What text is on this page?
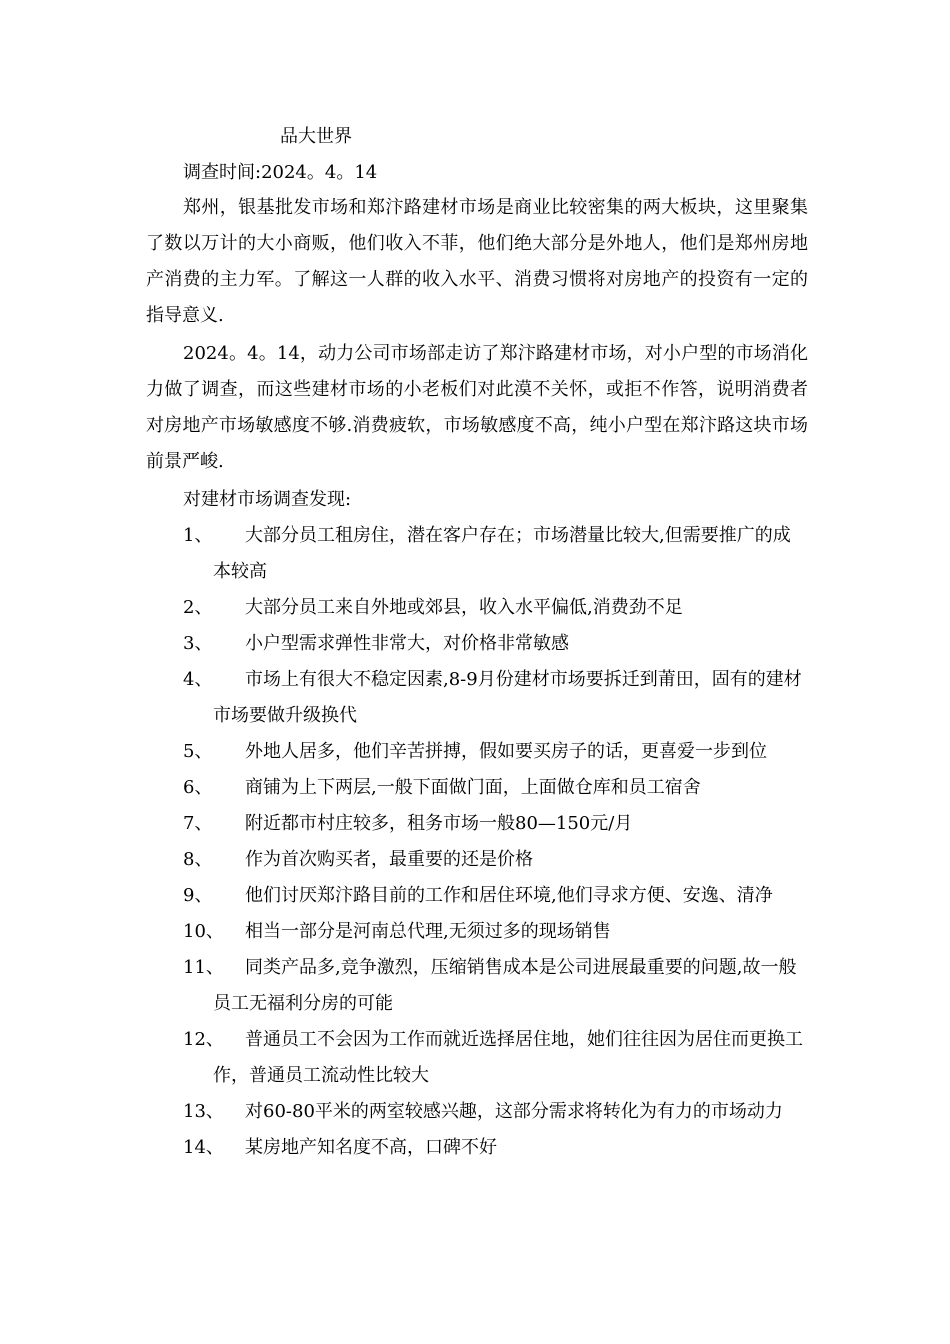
品大世界
调查时间:2024。4。14
郑州，银基批发市场和郑汴路建材市场是商业比较密集的两大板块，这里聚集了数以万计的大小商贩，他们收入不菲，他们绝大部分是外地人，他们是郑州房地产消费的主力军。了解这一人群的收入水平、消费习惯将对房地产的投资有一定的指导意义.
2024。4。14，动力公司市场部走访了郑汴路建材市场，对小户型的市场消化力做了调查，而这些建材市场的小老板们对此漠不关怀，或拒不作答，说明消费者对房地产市场敏感度不够.消费疲软，市场敏感度不高，纯小户型在郑汴路这块市场前景严峻.
对建材市场调查发现:
1、	大部分员工租房住，潜在客户存在；市场潜量比较大,但需要推广的成本较高
2、	大部分员工来自外地或郊县，收入水平偏低,消费劲不足
3、	小户型需求弹性非常大，对价格非常敏感
4、	市场上有很大不稳定因素,8-9月份建材市场要拆迁到莆田，固有的建材市场要做升级换代
5、	外地人居多，他们辛苦拼搏，假如要买房子的话，更喜爱一步到位
6、	商铺为上下两层,一般下面做门面，上面做仓库和员工宿舍
7、	附近都市村庄较多，租务市场一般80—150元/月
8、	作为首次购买者，最重要的还是价格
9、	他们讨厌郑汴路目前的工作和居住环境,他们寻求方便、安逸、清净
10、	相当一部分是河南总代理,无须过多的现场销售
11、	同类产品多,竞争激烈，压缩销售成本是公司进展最重要的问题,故一般员工无福利分房的可能
12、	普通员工不会因为工作而就近选择居住地，她们往往因为居住而更换工作，普通员工流动性比较大
13、	对60-80平米的两室较感兴趣，这部分需求将转化为有力的市场动力
14、	某房地产知名度不高，口碑不好
